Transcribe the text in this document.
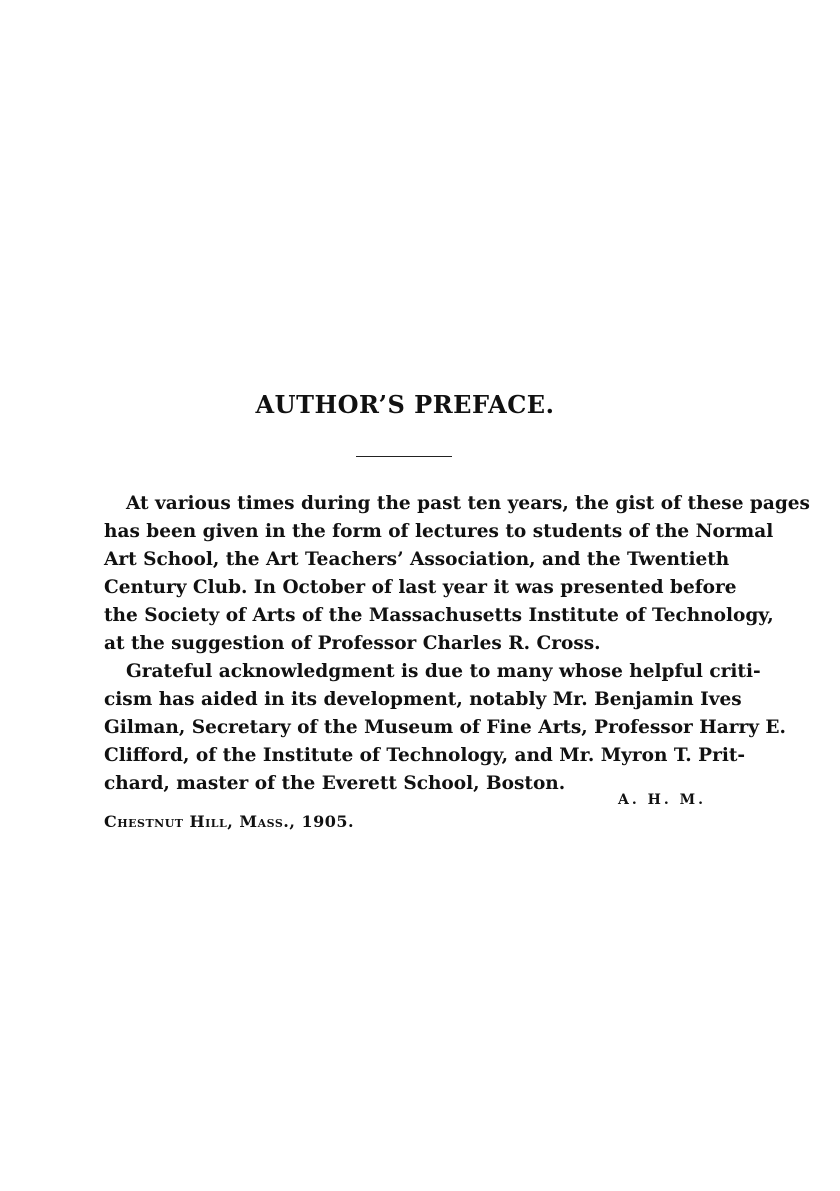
AUTHOR’S PREFACE.
At various times during the past ten years, the gist of these pages
has been given in the form of lectures to students of the Normal
Art School, the Art Teachers’ Association, and the Twentieth
Century Club. In October of last year it was presented before
the Society of Arts of the Massachusetts Institute of Technology,
at the suggestion of Professor Charles R. Cross.
Grateful acknowledgment is due to many whose helpful criti-
cism has aided in its development, notably Mr. Benjamin Ives
Gilman, Secretary of the Museum of Fine Arts, Professor Harry E.
Clifford, of the Institute of Technology, and Mr. Myron T. Prit-
chard, master of the Everett School, Boston.
A. H. M.
Chestnut Hill, Mass., 1905.
